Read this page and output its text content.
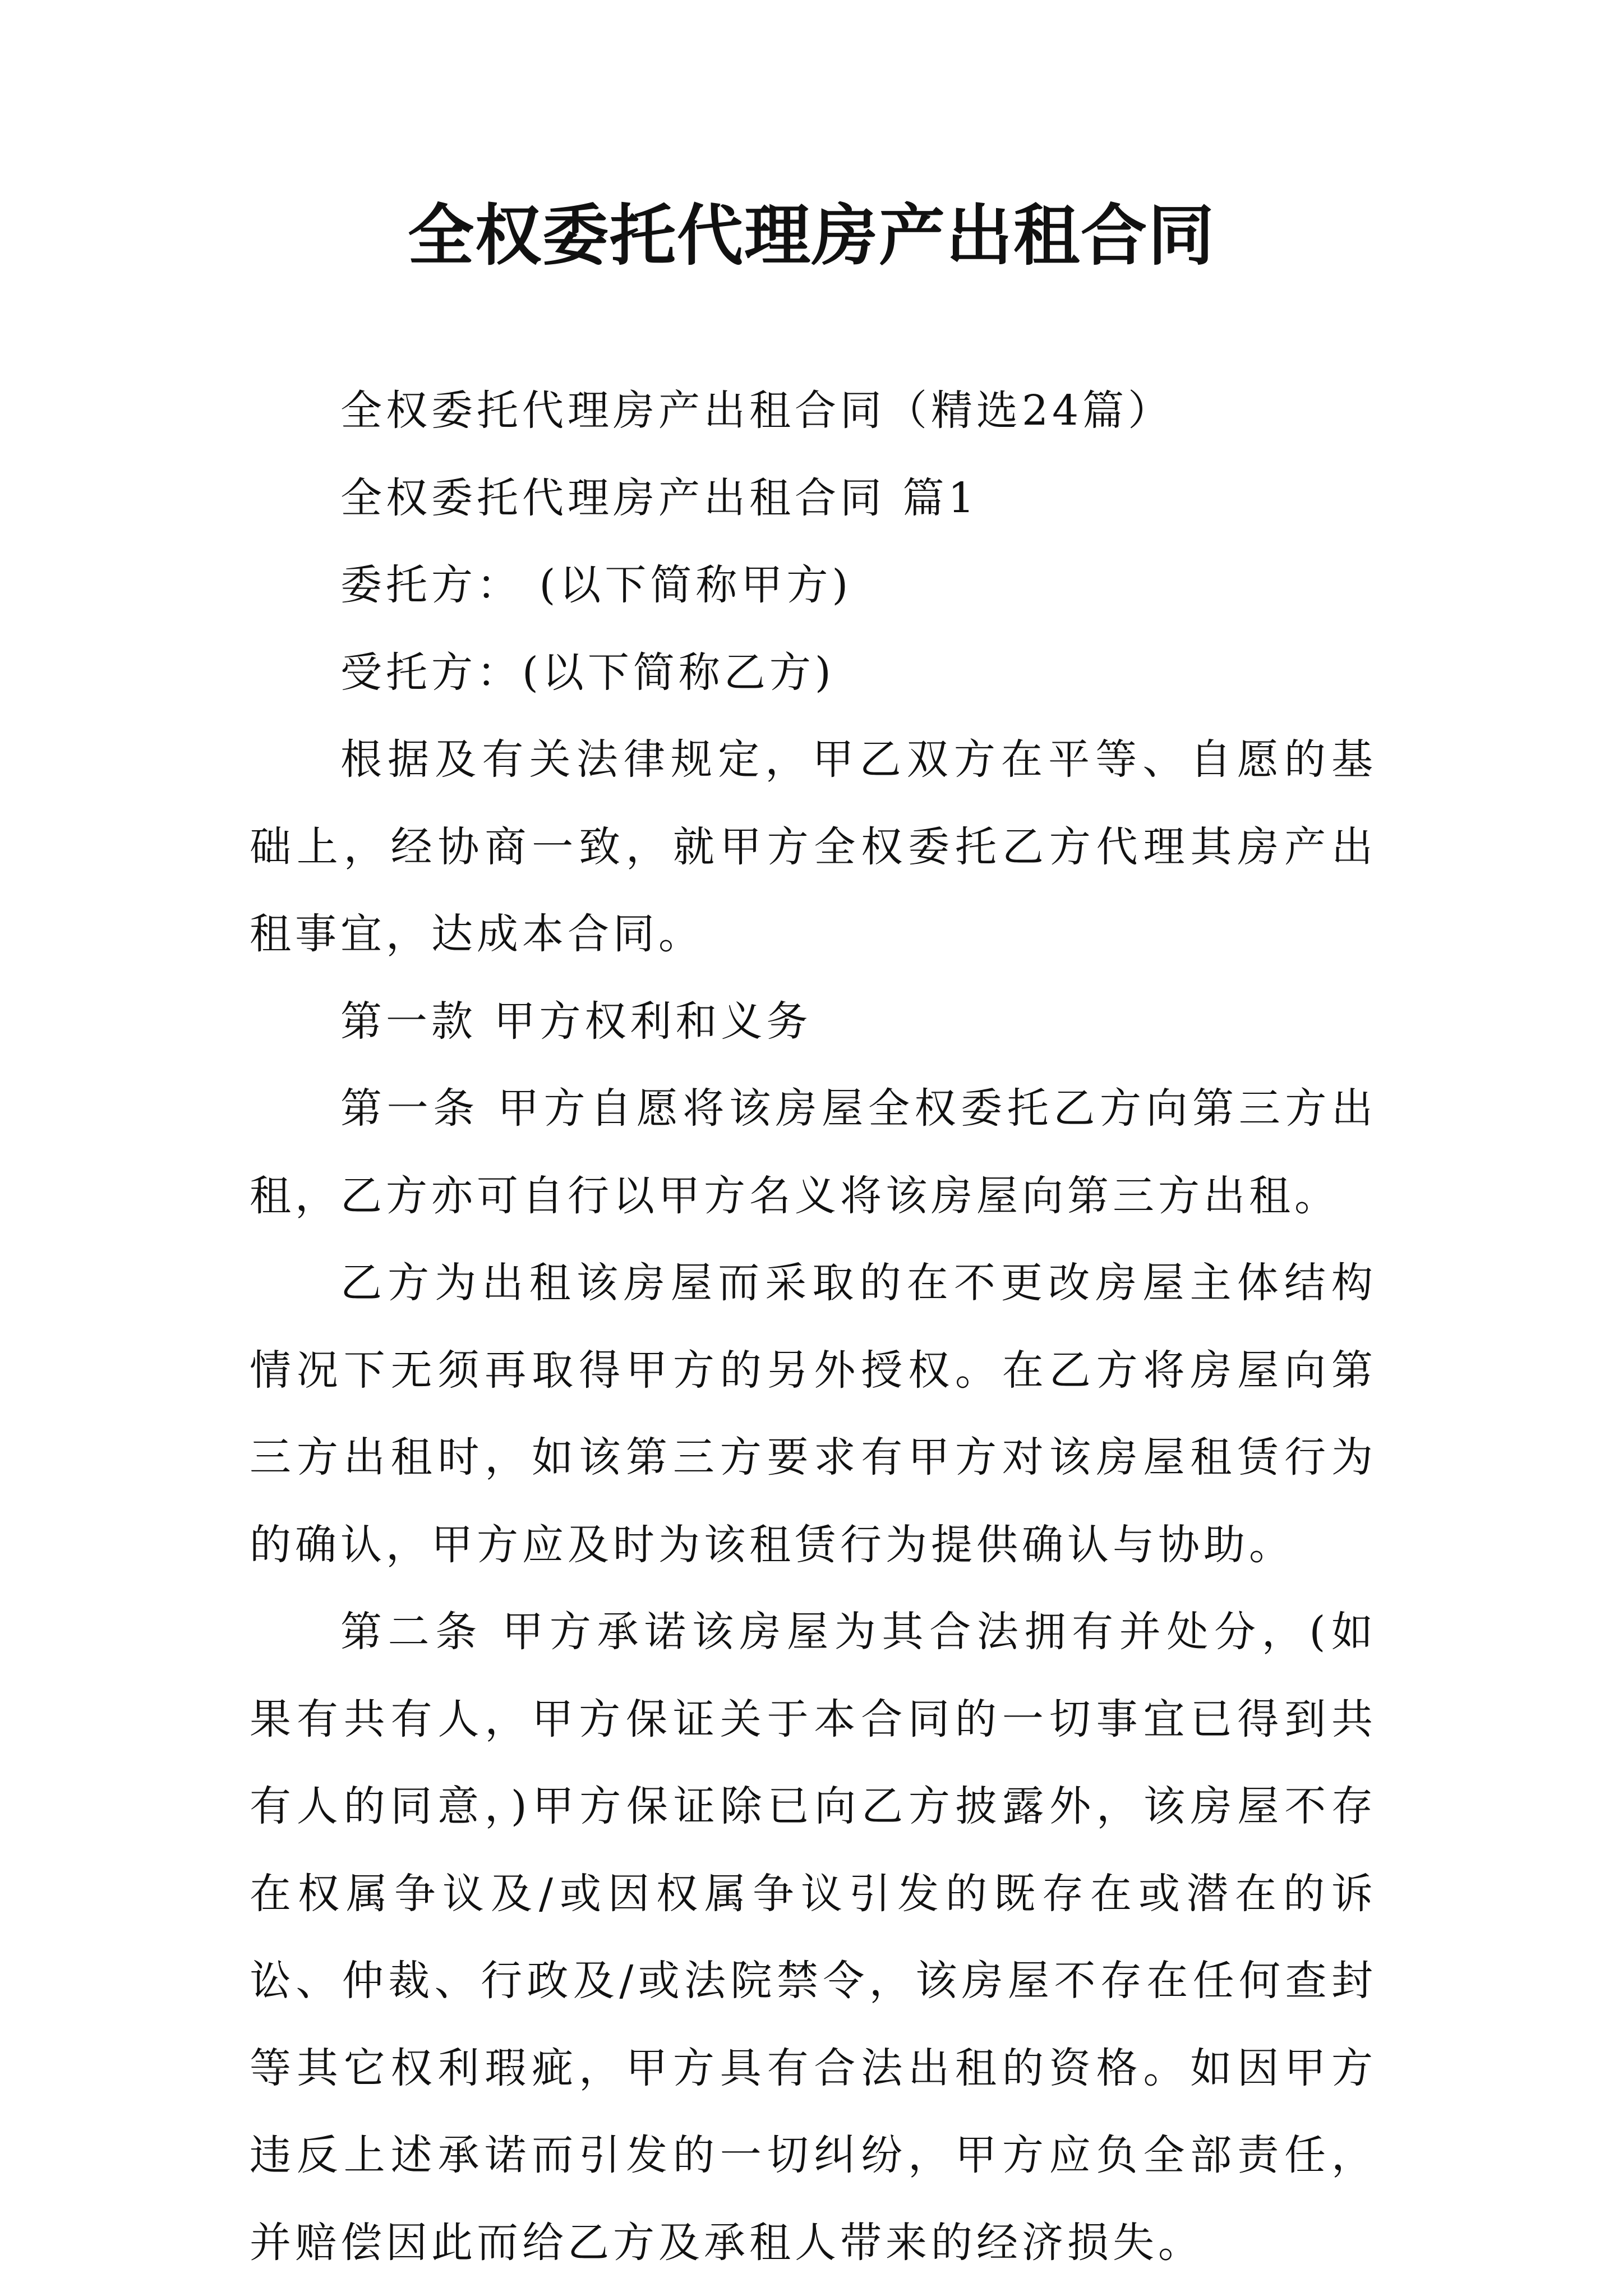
全权委托代理房产出租合同

全权委托代理房产出租合同（精选24篇）

全权委托代理房产出租合同 篇1

委托方： (以下简称甲方)

受托方：(以下简称乙方)

根据及有关法律规定，甲乙双方在平等、自愿的基础上，经协商一致，就甲方全权委托乙方代理其房产出租事宜，达成本合同。

第一款 甲方权利和义务

第一条 甲方自愿将该房屋全权委托乙方向第三方出租，乙方亦可自行以甲方名义将该房屋向第三方出租。

乙方为出租该房屋而采取的在不更改房屋主体结构情况下无须再取得甲方的另外授权。在乙方将房屋向第三方出租时，如该第三方要求有甲方对该房屋租赁行为的确认，甲方应及时为该租赁行为提供确认与协助。

第二条 甲方承诺该房屋为其合法拥有并处分，(如果有共有人，甲方保证关于本合同的一切事宜已得到共有人的同意，)甲方保证除已向乙方披露外，该房屋不存在权属争议及/或因权属争议引发的既存在或潜在的诉讼、仲裁、行政及/或法院禁令，该房屋不存在任何查封等其它权利瑕疵，甲方具有合法出租的资格。如因甲方违反上述承诺而引发的一切纠纷，甲方应负全部责任，并赔偿因此而给乙方及承租人带来的经济损失。
